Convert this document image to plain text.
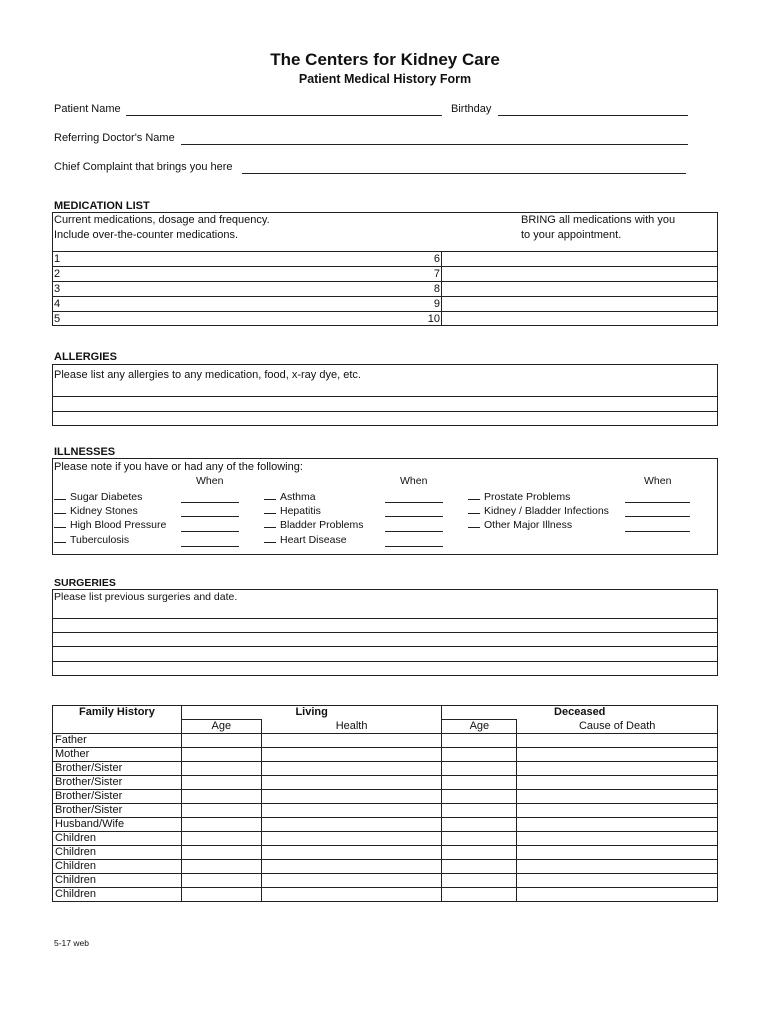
The Centers for Kidney Care
Patient Medical History Form
Patient Name	Birthday
Referring Doctor's Name
Chief Complaint that brings you here
MEDICATION LIST
Current medications, dosage and frequency.
Include over-the-counter medications.
BRING all medications with you
to your appointment.
1
2
3
4
5
6
7
8
9
10
ALLERGIES
Please list any allergies to any medication, food, x-ray dye, etc.
ILLNESSES
Please note if you have or had any of the following:
When	When	When
Sugar Diabetes
Kidney Stones
High Blood Pressure
Tuberculosis
Asthma
Hepatitis
Bladder Problems
Heart Disease
Prostate Problems
Kidney / Bladder Infections
Other Major Illness
SURGERIES
Please list previous surgeries and date.
Family History	Living		Deceased	
	Age	Health	Age	Cause of Death
Father				
Mother				
Brother/Sister				
Brother/Sister				
Brother/Sister				
Brother/Sister				
Husband/Wife				
Children				
Children				
Children				
Children				
Children				
5-17 web
